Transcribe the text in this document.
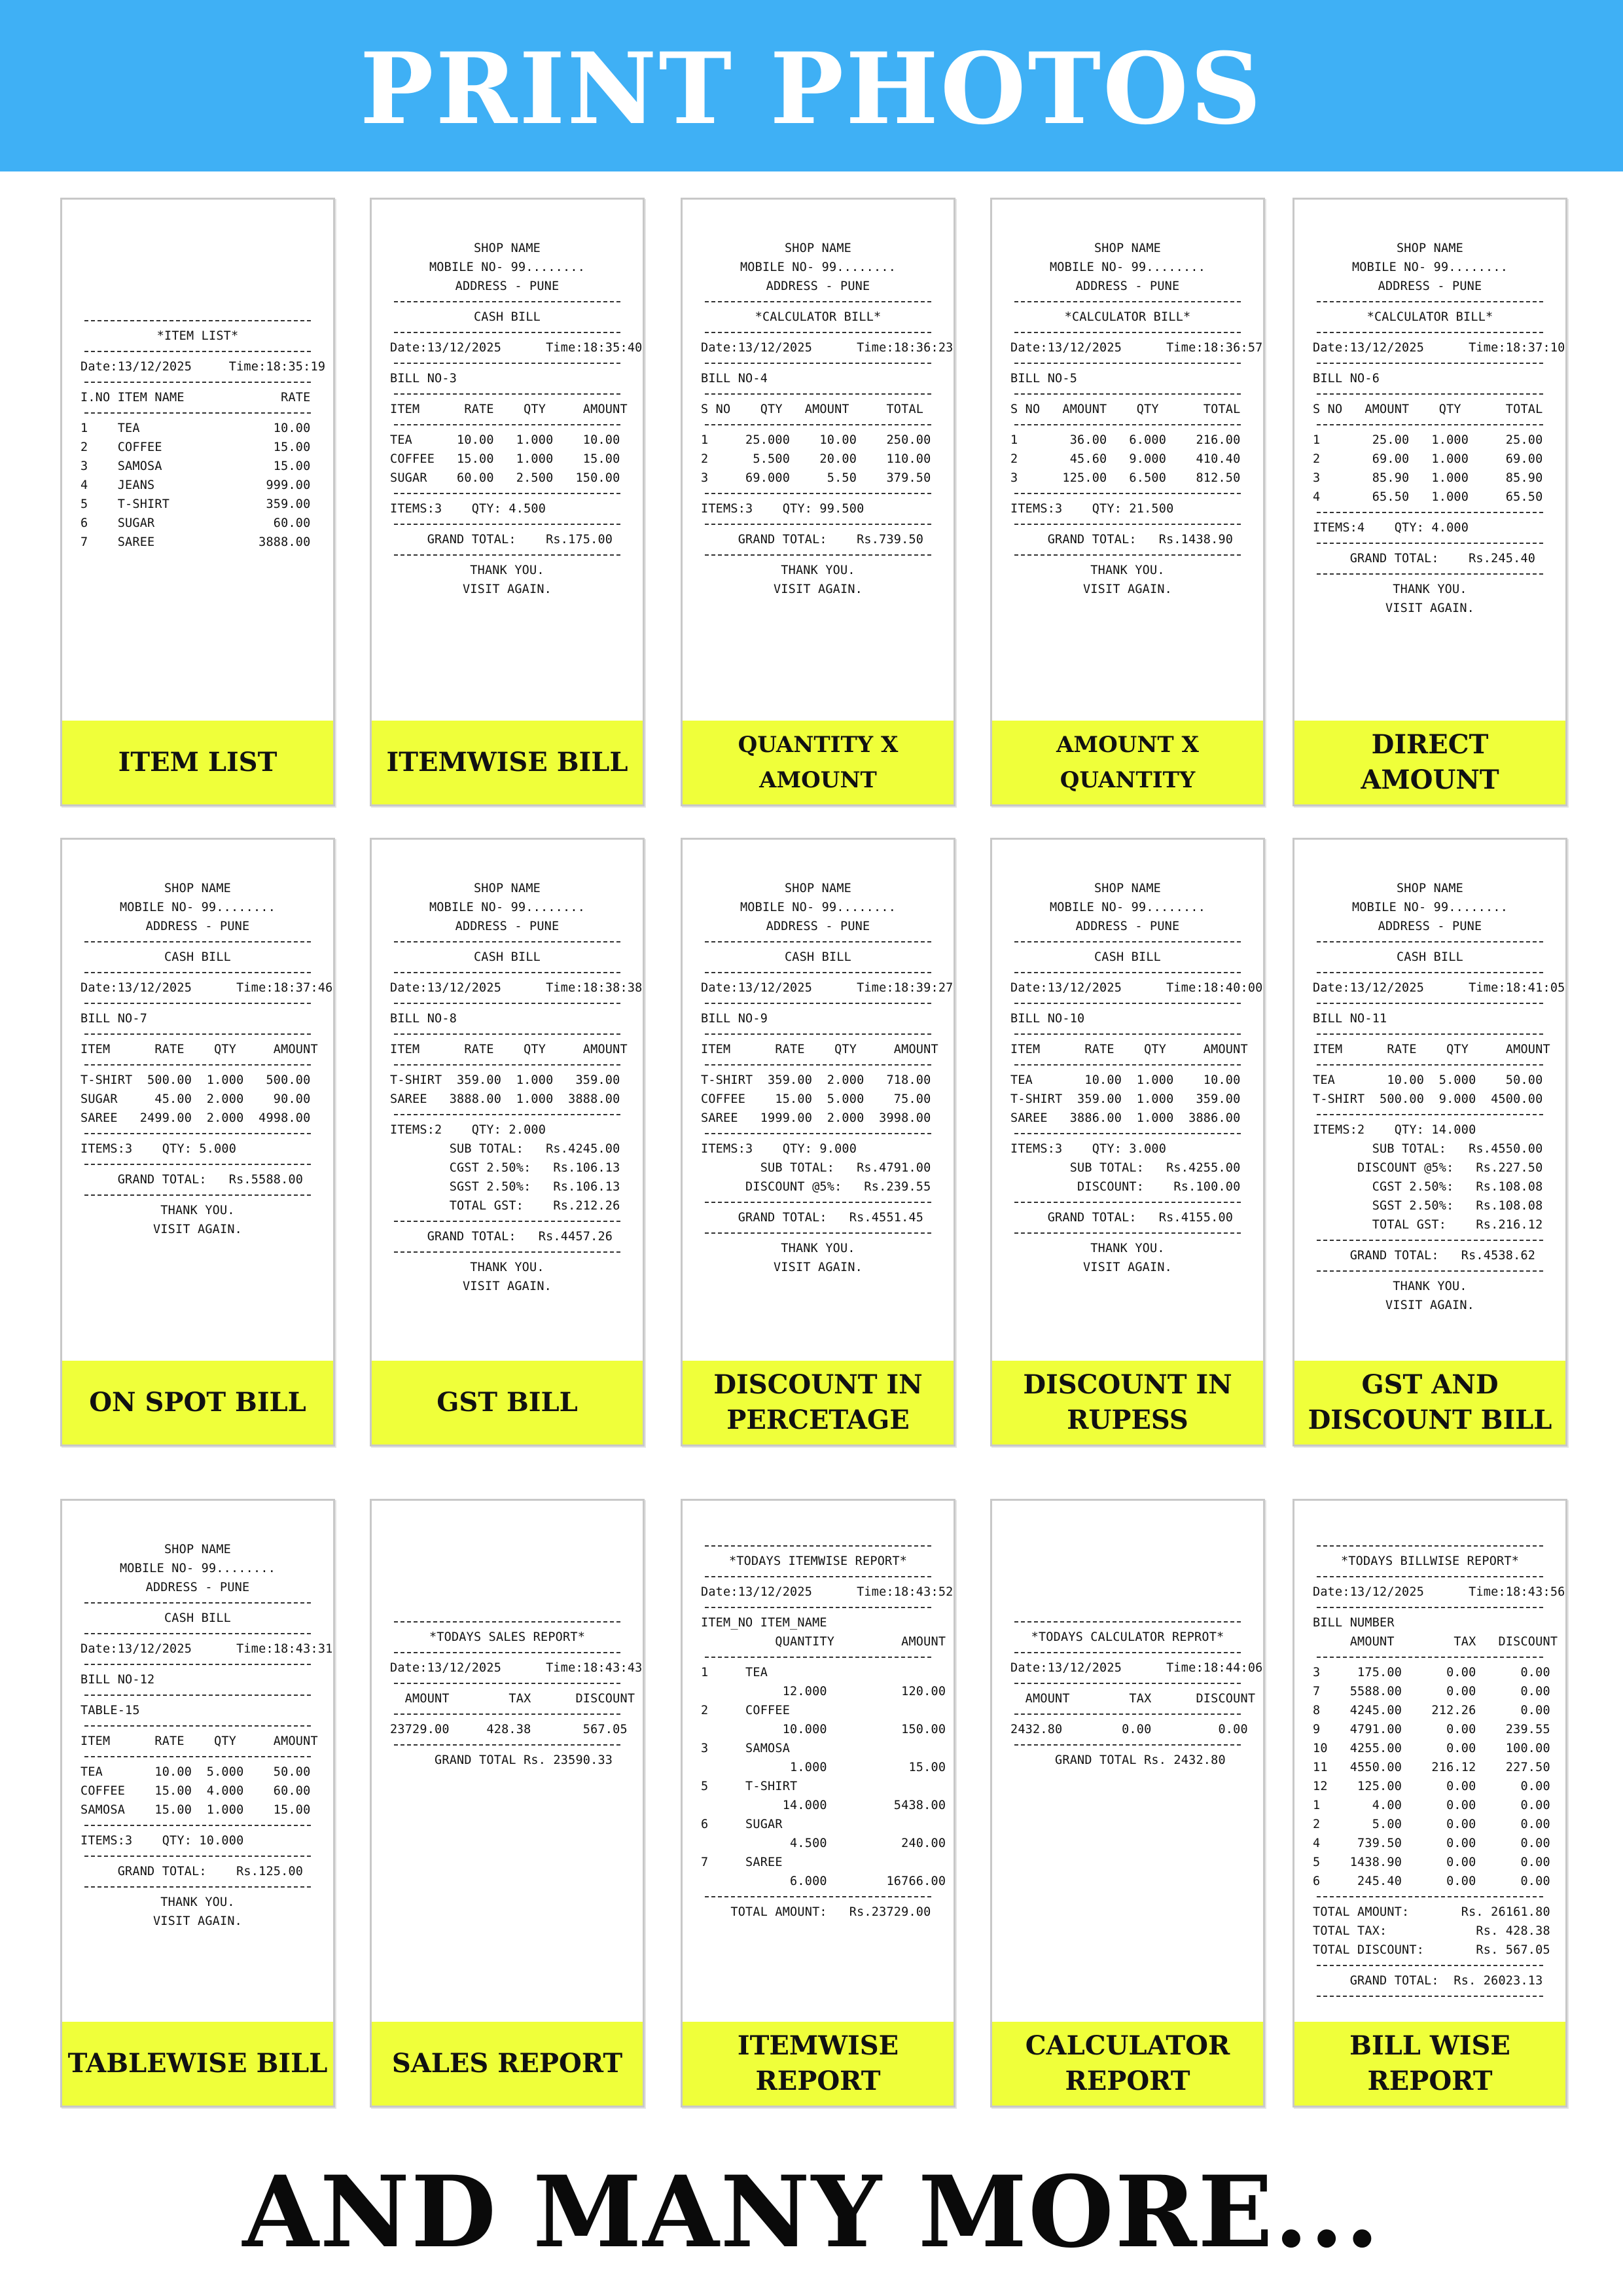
PRINT PHOTOS

*ITEM LIST*
Date:13/12/2025     Time:18:35:19
I.NO ITEM NAME             RATE
1    TEA                  10.00
2    COFFEE               15.00
3    SAMOSA               15.00
4    JEANS               999.00
5    T-SHIRT             359.00
6    SUGAR                60.00
7    SAREE              3888.00
ITEM LIST
SHOP NAME
MOBILE NO- 99........
ADDRESS - PUNE
CASH BILL
Date:13/12/2025      Time:18:35:40
BILL NO-3
ITEM      RATE    QTY     AMOUNT
TEA      10.00   1.000    10.00
COFFEE   15.00   1.000    15.00
SUGAR    60.00   2.500   150.00
ITEMS:3    QTY: 4.500
GRAND TOTAL:    Rs.175.00
THANK YOU.
VISIT AGAIN.
ITEMWISE BILL
SHOP NAME
MOBILE NO- 99........
ADDRESS - PUNE
*CALCULATOR BILL*
Date:13/12/2025      Time:18:36:23
BILL NO-4
S NO    QTY   AMOUNT     TOTAL
1     25.000    10.00    250.00
2      5.500    20.00    110.00
3     69.000     5.50    379.50
ITEMS:3    QTY: 99.500
GRAND TOTAL:    Rs.739.50
THANK YOU.
VISIT AGAIN.
QUANTITY X AMOUNT
SHOP NAME
MOBILE NO- 99........
ADDRESS - PUNE
*CALCULATOR BILL*
Date:13/12/2025      Time:18:36:57
BILL NO-5
S NO   AMOUNT    QTY      TOTAL
1       36.00   6.000    216.00
2       45.60   9.000    410.40
3      125.00   6.500    812.50
ITEMS:3    QTY: 21.500
GRAND TOTAL:   Rs.1438.90
THANK YOU.
VISIT AGAIN.
AMOUNT X QUANTITY
SHOP NAME
MOBILE NO- 99........
ADDRESS - PUNE
*CALCULATOR BILL*
Date:13/12/2025      Time:18:37:10
BILL NO-6
S NO   AMOUNT    QTY      TOTAL
1       25.00   1.000     25.00
2       69.00   1.000     69.00
3       85.90   1.000     85.90
4       65.50   1.000     65.50
ITEMS:4    QTY: 4.000
GRAND TOTAL:    Rs.245.40
THANK YOU.
VISIT AGAIN.
DIRECT AMOUNT
SHOP NAME
MOBILE NO- 99........
ADDRESS - PUNE
CASH BILL
Date:13/12/2025      Time:18:37:46
BILL NO-7
ITEM      RATE    QTY     AMOUNT
T-SHIRT  500.00  1.000   500.00
SUGAR     45.00  2.000    90.00
SAREE   2499.00  2.000  4998.00
ITEMS:3    QTY: 5.000
GRAND TOTAL:   Rs.5588.00
THANK YOU.
VISIT AGAIN.
ON SPOT BILL
SHOP NAME
MOBILE NO- 99........
ADDRESS - PUNE
CASH BILL
Date:13/12/2025      Time:18:38:38
BILL NO-8
ITEM      RATE    QTY     AMOUNT
T-SHIRT  359.00  1.000   359.00
SAREE   3888.00  1.000  3888.00
ITEMS:2    QTY: 2.000
SUB TOTAL:   Rs.4245.00
CGST 2.50%:   Rs.106.13
SGST 2.50%:   Rs.106.13
TOTAL GST:    Rs.212.26
GRAND TOTAL:   Rs.4457.26
THANK YOU.
VISIT AGAIN.
GST BILL
SHOP NAME
MOBILE NO- 99........
ADDRESS - PUNE
CASH BILL
Date:13/12/2025      Time:18:39:27
BILL NO-9
ITEM      RATE    QTY     AMOUNT
T-SHIRT  359.00  2.000   718.00
COFFEE    15.00  5.000    75.00
SAREE   1999.00  2.000  3998.00
ITEMS:3    QTY: 9.000
SUB TOTAL:   Rs.4791.00
DISCOUNT @5%:   Rs.239.55
GRAND TOTAL:   Rs.4551.45
THANK YOU.
VISIT AGAIN.
DISCOUNT IN PERCETAGE
SHOP NAME
MOBILE NO- 99........
ADDRESS - PUNE
CASH BILL
Date:13/12/2025      Time:18:40:00
BILL NO-10
ITEM      RATE    QTY     AMOUNT
TEA       10.00  1.000    10.00
T-SHIRT  359.00  1.000   359.00
SAREE   3886.00  1.000  3886.00
ITEMS:3    QTY: 3.000
SUB TOTAL:   Rs.4255.00
DISCOUNT:    Rs.100.00
GRAND TOTAL:   Rs.4155.00
THANK YOU.
VISIT AGAIN.
DISCOUNT IN RUPESS
SHOP NAME
MOBILE NO- 99........
ADDRESS - PUNE
CASH BILL
Date:13/12/2025      Time:18:41:05
BILL NO-11
ITEM      RATE    QTY     AMOUNT
TEA       10.00  5.000    50.00
T-SHIRT  500.00  9.000  4500.00
ITEMS:2    QTY: 14.000
SUB TOTAL:   Rs.4550.00
DISCOUNT @5%:   Rs.227.50
CGST 2.50%:   Rs.108.08
SGST 2.50%:   Rs.108.08
TOTAL GST:    Rs.216.12
GRAND TOTAL:   Rs.4538.62
THANK YOU.
VISIT AGAIN.
GST AND DISCOUNT BILL
SHOP NAME
MOBILE NO- 99........
ADDRESS - PUNE
CASH BILL
Date:13/12/2025      Time:18:43:31
BILL NO-12
TABLE-15
ITEM      RATE    QTY     AMOUNT
TEA       10.00  5.000    50.00
COFFEE    15.00  4.000    60.00
SAMOSA    15.00  1.000    15.00
ITEMS:3    QTY: 10.000
GRAND TOTAL:    Rs.125.00
THANK YOU.
VISIT AGAIN.
TABLEWISE BILL

*TODAYS SALES REPORT*
Date:13/12/2025      Time:18:43:43
AMOUNT        TAX      DISCOUNT
23729.00     428.38       567.05
GRAND TOTAL Rs. 23590.33
SALES REPORT
*TODAYS ITEMWISE REPORT*
Date:13/12/2025      Time:18:43:52
ITEM_NO ITEM_NAME
QUANTITY         AMOUNT
1     TEA
12.000          120.00
2     COFFEE
10.000          150.00
3     SAMOSA
1.000           15.00
5     T-SHIRT
14.000         5438.00
6     SUGAR
4.500          240.00
7     SAREE
6.000        16766.00
TOTAL AMOUNT:   Rs.23729.00
ITEMWISE REPORT

*TODAYS CALCULATOR REPROT*
Date:13/12/2025      Time:18:44:06
AMOUNT        TAX      DISCOUNT
2432.80        0.00         0.00
GRAND TOTAL Rs. 2432.80
CALCULATOR REPORT
*TODAYS BILLWISE REPORT*
Date:13/12/2025      Time:18:43:56
BILL NUMBER
AMOUNT        TAX   DISCOUNT
3     175.00      0.00      0.00
7    5588.00      0.00      0.00
8    4245.00    212.26      0.00
9    4791.00      0.00    239.55
10   4255.00      0.00    100.00
11   4550.00    216.12    227.50
12    125.00      0.00      0.00
1       4.00      0.00      0.00
2       5.00      0.00      0.00
4     739.50      0.00      0.00
5    1438.90      0.00      0.00
6     245.40      0.00      0.00
TOTAL AMOUNT:       Rs. 26161.80
TOTAL TAX:            Rs. 428.38
TOTAL DISCOUNT:       Rs. 567.05
GRAND TOTAL:  Rs. 26023.13
BILL WISE REPORT
AND MANY MORE...
